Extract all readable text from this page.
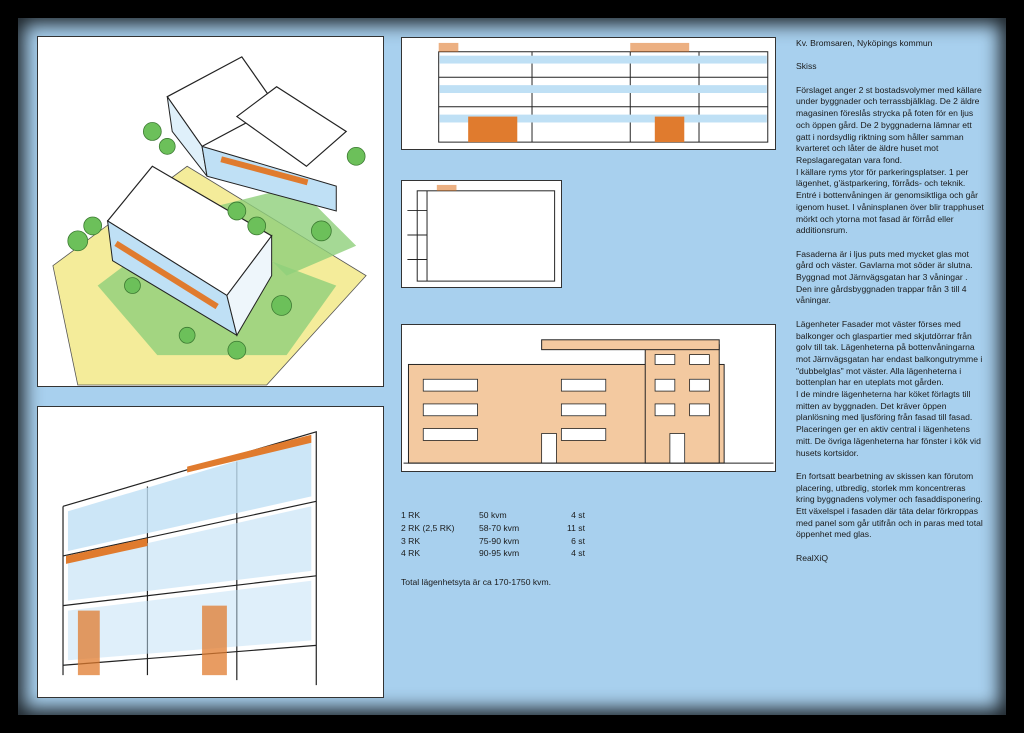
1 RK	50 kvm	4 st
2 RK (2,5 RK)	58-70 kvm	11 st
3 RK	75-90 kvm	6 st
4 RK	90-95 kvm	4 st
Total lägenhetsyta är ca 170-1750 kvm.

Kv. Bromsaren, Nyköpings kommun

Skiss

Förslaget anger 2 st bostadsvolymer med källare under byggnader och terrassbjälklag. De 2 äldre magasinen föreslås strycka på foten för en ljus och öppen gård. De 2 byggnaderna lämnar ett gatt i nordsydlig riktning som håller samman kvarteret och låter de äldre huset mot Repslagaregatan vara fond.
I källare ryms ytor för parkeringsplatser. 1 per lägenhet, g'ästparkering, förråds- och teknik. Entré i bottenvåningen är genomsiktliga och går igenom huset. I våninsplanen över blir trapphuset mörkt och ytorna mot fasad är förråd eller additionsrum.

Fasaderna är i ljus puts med mycket glas mot gård och väster. Gavlarna mot söder är slutna. Byggnad mot Järnvägsgatan har 3 våningar . Den inre gårdsbyggnaden trappar från 3 till 4 våningar.

Lägenheter Fasader mot väster förses med balkonger och glaspartier med skjutdörrar från golv till tak. Lägenheterna på bottenvåningarna mot Järnvägsgatan har endast balkongutrymme i "dubbelglas" mot väster. Alla lägenheterna i bottenplan har en uteplats mot gården.
I de mindre lägenheterna har köket förlagts till mitten av byggnaden. Det kräver öppen planlösning med ljusföring från fasad till fasad. Placeringen ger en aktiv central i lägenhetens mitt. De övriga lägenheterna har fönster i kök vid husets kortsidor.

En fortsatt bearbetning av skissen kan förutom placering, utbredig, storlek mm koncentreras kring byggnadens volymer och fasaddisponering. Ett växelspel i fasaden där täta delar förkroppas med panel som går utifrån och in paras med total öppenhet med glas.

RealXiQ
